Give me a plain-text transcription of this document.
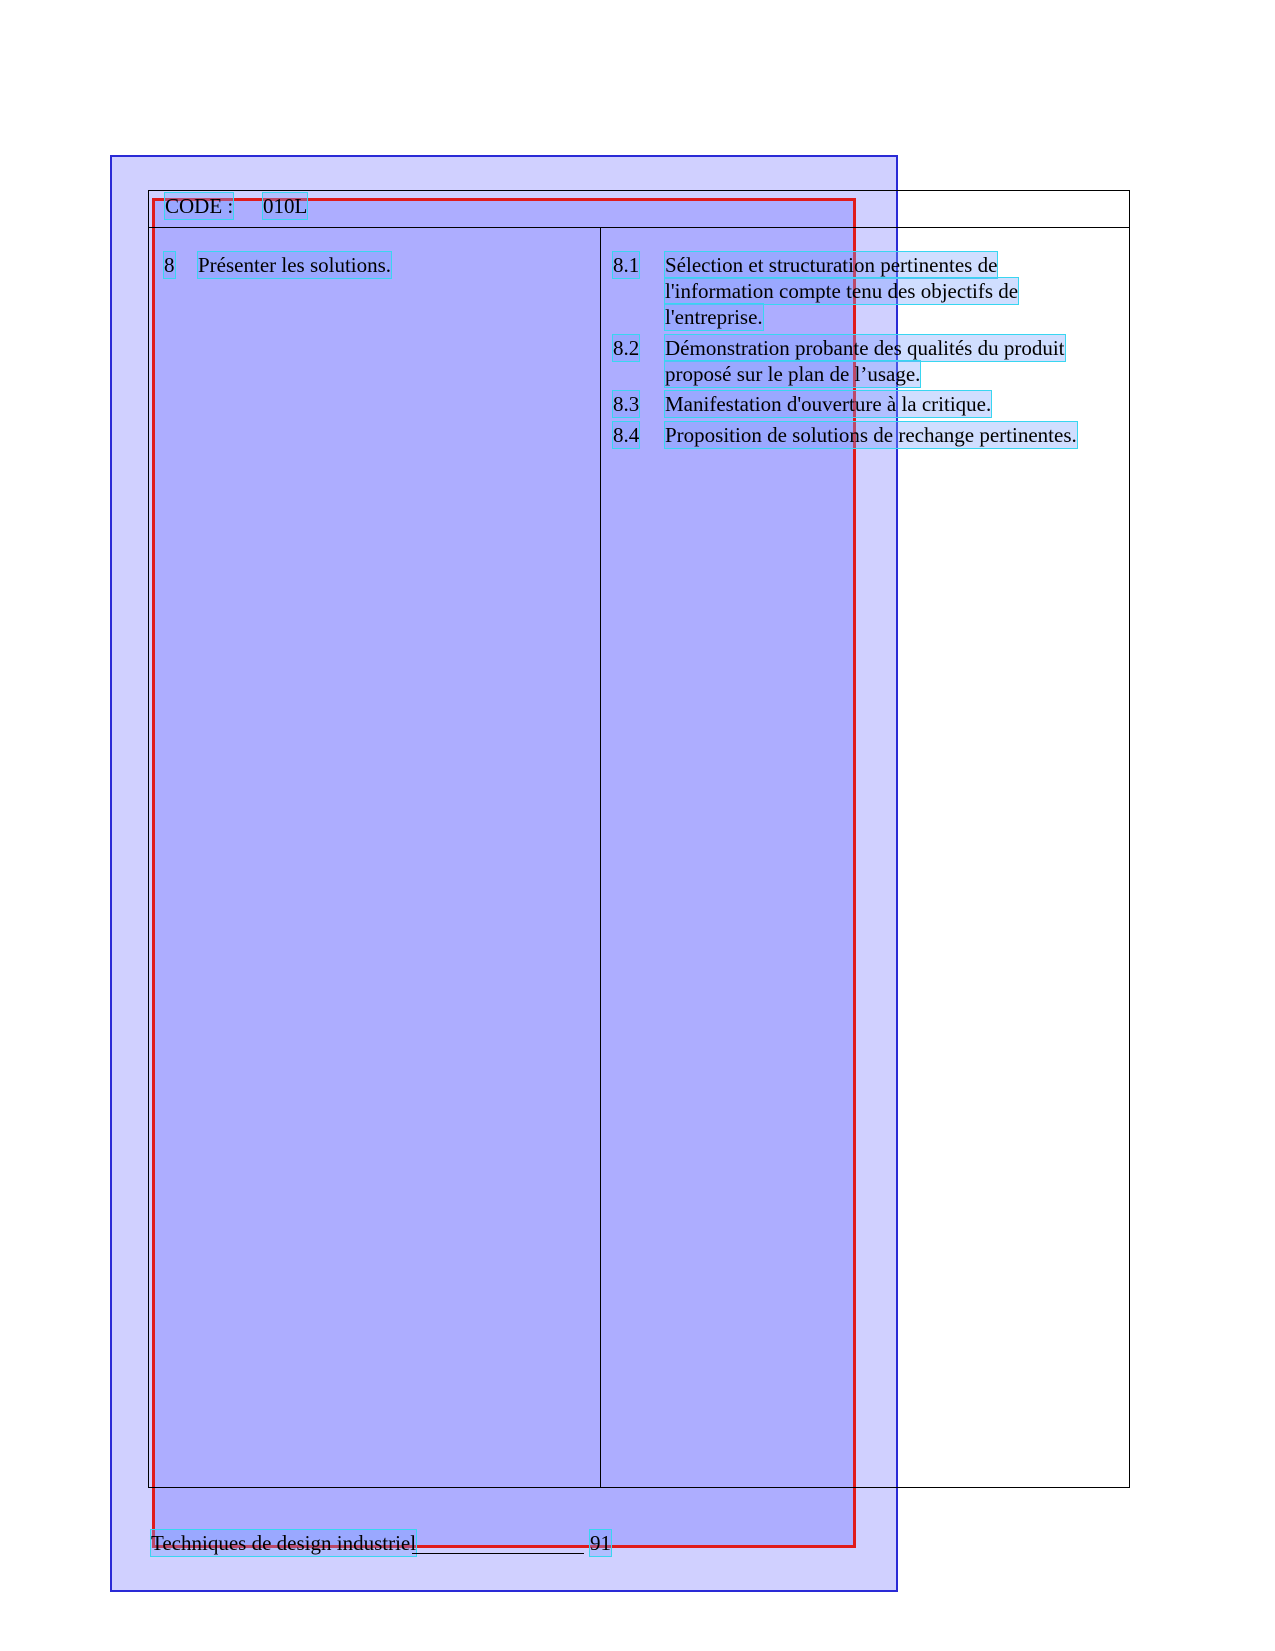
CODE : 010L
8 Présenter les solutions.	8.1 Sélection et structuration pertinentes de
l'information compte tenu des objectifs de
l'entreprise.
8.2 Démonstration probante des qualités du produit
proposé sur le plan de l’usage.
8.3 Manifestation d'ouverture à la critique.
8.4 Proposition de solutions de rechange pertinentes.
Techniques de design industriel	91
